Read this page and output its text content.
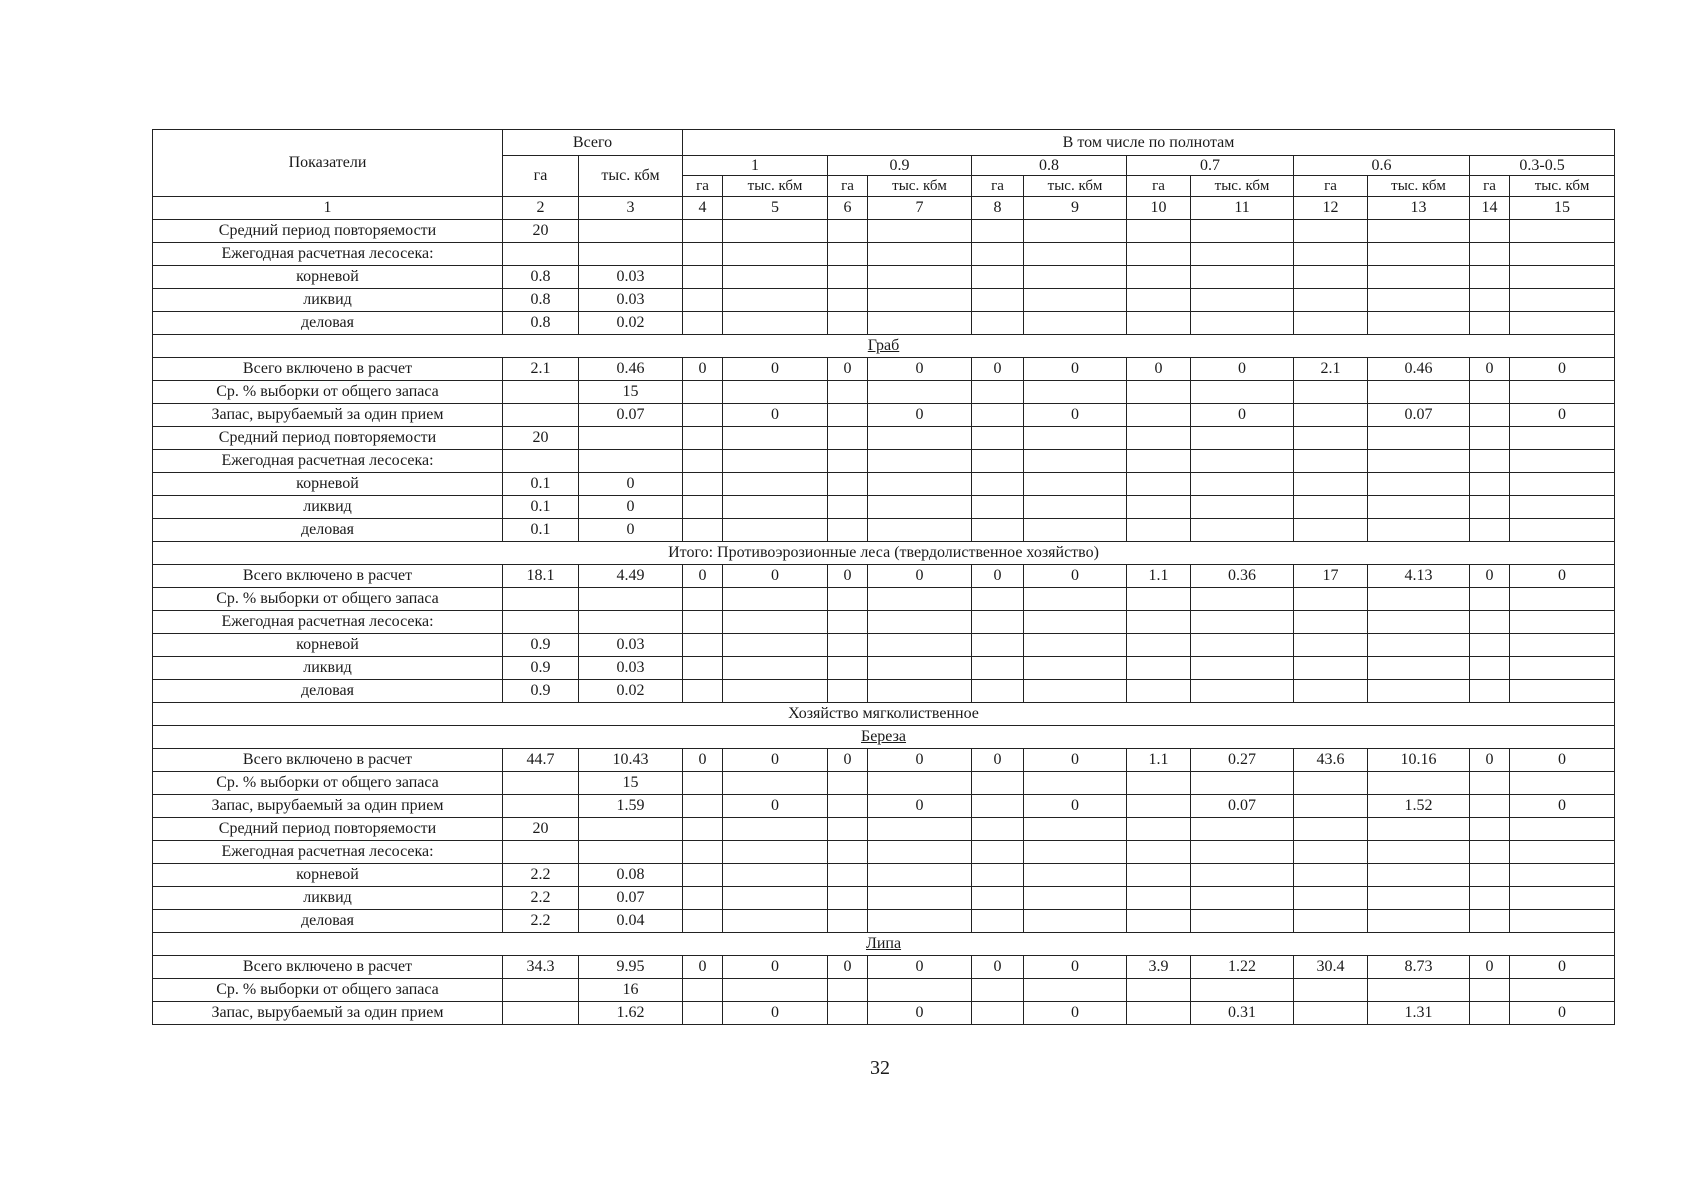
Показатели	Всего		В том числе по полнотам											
	га	тыс. кбм	1		0.9		0.8		0.7		0.6		0.3-0.5	
			га	тыс. кбм	га	тыс. кбм	га	тыс. кбм	га	тыс. кбм	га	тыс. кбм	га	тыс. кбм
1	2	3	4	5	6	7	8	9	10	11	12	13	14	15
Средний период повторяемости	20													
Ежегодная расчетная лесосека:														
корневой	0.8	0.03												
ликвид	0.8	0.03												
деловая	0.8	0.02												
Граб														
Всего включено в расчет	2.1	0.46	0	0	0	0	0	0	0	0	2.1	0.46	0	0
Ср. % выборки от общего запаса		15												
Запас, вырубаемый за один прием		0.07		0		0		0		0		0.07		0
Средний период повторяемости	20													
Ежегодная расчетная лесосека:														
корневой	0.1	0												
ликвид	0.1	0												
деловая	0.1	0												
Итого: Противоэрозионные леса (твердолиственное хозяйство)														
Всего включено в расчет	18.1	4.49	0	0	0	0	0	0	1.1	0.36	17	4.13	0	0
Ср. % выборки от общего запаса														
Ежегодная расчетная лесосека:														
корневой	0.9	0.03												
ликвид	0.9	0.03												
деловая	0.9	0.02												
Хозяйство мягколиственное														
Береза														
Всего включено в расчет	44.7	10.43	0	0	0	0	0	0	1.1	0.27	43.6	10.16	0	0
Ср. % выборки от общего запаса		15												
Запас, вырубаемый за один прием		1.59		0		0		0		0.07		1.52		0
Средний период повторяемости	20													
Ежегодная расчетная лесосека:														
корневой	2.2	0.08												
ликвид	2.2	0.07												
деловая	2.2	0.04												
Липа														
Всего включено в расчет	34.3	9.95	0	0	0	0	0	0	3.9	1.22	30.4	8.73	0	0
Ср. % выборки от общего запаса		16												
Запас, вырубаемый за один прием		1.62		0		0		0		0.31		1.31		0
32
